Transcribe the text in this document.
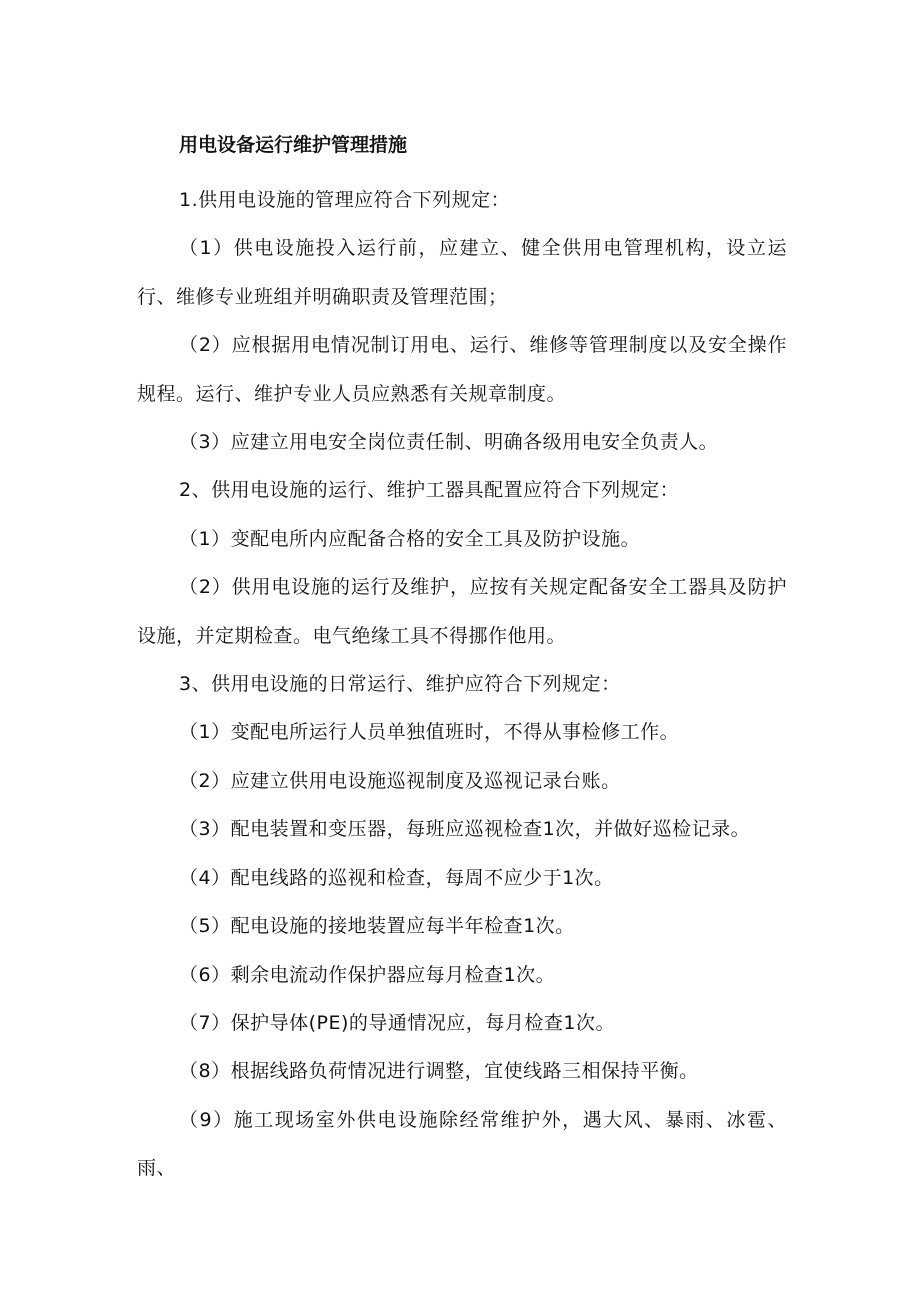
用电设备运行维护管理措施

1.供用电设施的管理应符合下列规定：

（1）供电设施投入运行前，应建立、健全供用电管理机构，设立运行、维修专业班组并明确职责及管理范围；

（2）应根据用电情况制订用电、运行、维修等管理制度以及安全操作规程。运行、维护专业人员应熟悉有关规章制度。

（3）应建立用电安全岗位责任制、明确各级用电安全负责人。

2、供用电设施的运行、维护工器具配置应符合下列规定：

（1）变配电所内应配备合格的安全工具及防护设施。

（2）供用电设施的运行及维护，应按有关规定配备安全工器具及防护设施，并定期检查。电气绝缘工具不得挪作他用。

3、供用电设施的日常运行、维护应符合下列规定：

（1）变配电所运行人员单独值班时，不得从事检修工作。

（2）应建立供用电设施巡视制度及巡视记录台账。

（3）配电装置和变压器，每班应巡视检查1次，并做好巡检记录。

（4）配电线路的巡视和检查，每周不应少于1次。

（5）配电设施的接地装置应每半年检查1次。

（6）剩余电流动作保护器应每月检查1次。

（7）保护导体(PE)的导通情况应，每月检查1次。

（8）根据线路负荷情况进行调整，宜使线路三相保持平衡。

（9）施工现场室外供电设施除经常维护外，遇大风、暴雨、冰雹、雨、
